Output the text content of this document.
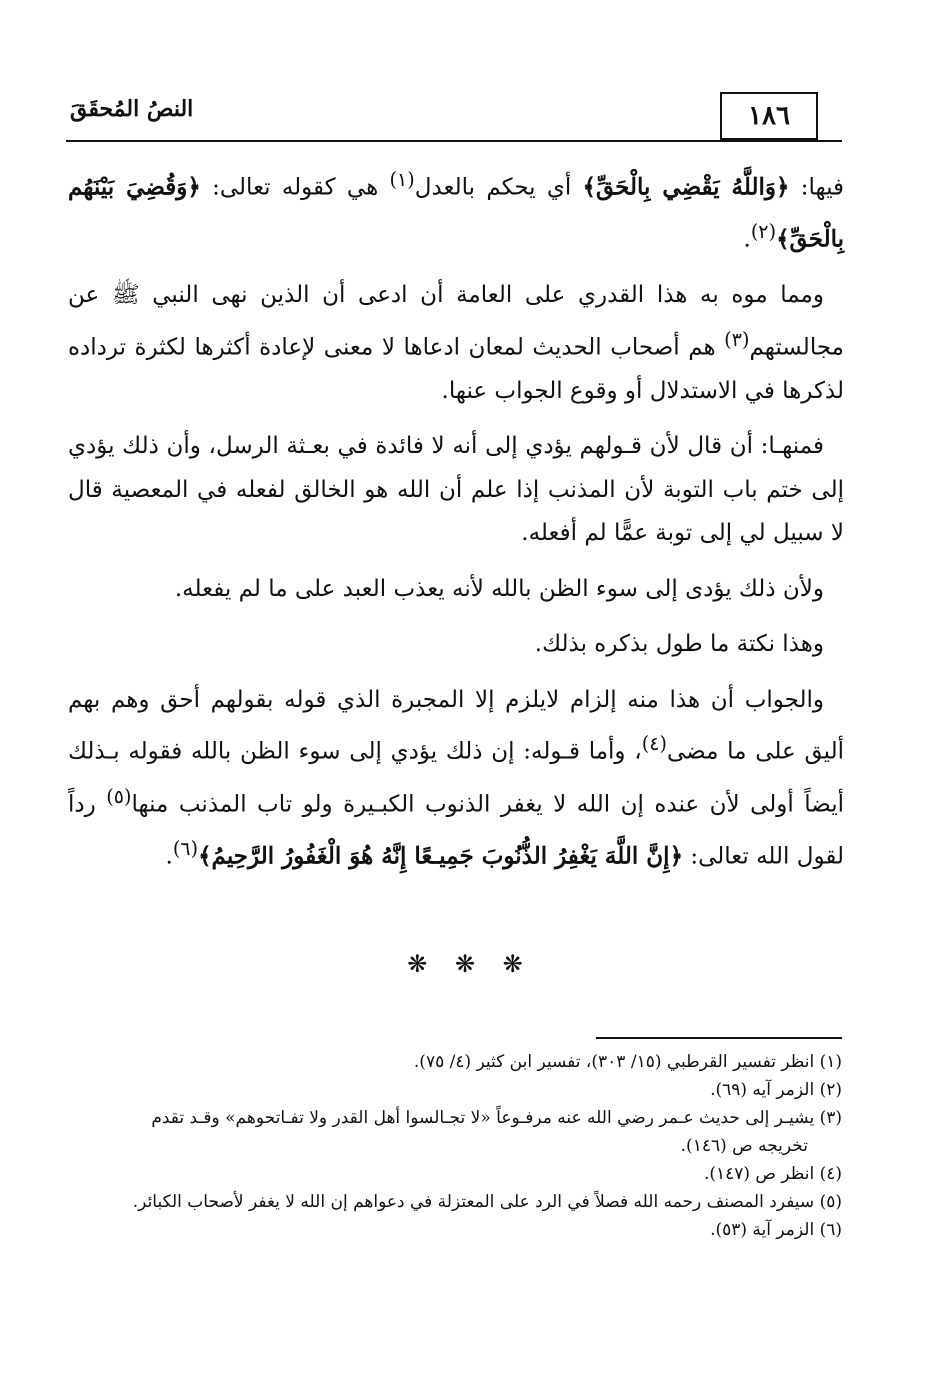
١٨٦
النصُ المُحقَقَ

فيها: ﴿وَاللَّهُ يَقْضِي بِالْحَقِّ﴾ أي يحكم بالعدل$^{(١)}$ هي كقوله تعالى: ﴿وَقُضِيَ بَيْنَهُم بِالْحَقِّ﴾$^{(٢)}$.

ومما موه به هذا القدري على العامة أن ادعى أن الذين نهى النبي ﷺ عن مجالستهم$^{(٣)}$ هم أصحاب الحديث لمعان ادعاها لا معنى لإعادة أكثرها لكثرة ترداده لذكرها في الاستدلال أو وقوع الجواب عنها.

فمنهـا: أن قال لأن قـولهم يؤدي إلى أنه لا فائدة في بعـثة الرسل، وأن ذلك يؤدي إلى ختم باب التوبة لأن المذنب إذا علم أن الله هو الخالق لفعله في المعصية قال لا سبيل لي إلى توبة عمًّا لم أفعله.

ولأن ذلك يؤدى إلى سوء الظن بالله لأنه يعذب العبد على ما لم يفعله.

وهذا نكتة ما طول بذكره بذلك.

والجواب أن هذا منه إلزام لايلزم إلا المجبرة الذي قوله بقولهم أحق وهم بهم أليق على ما مضى$^{(٤)}$، وأما قـوله: إن ذلك يؤدي إلى سوء الظن بالله فقوله بـذلك أيضاً أولى لأن عنده إن الله لا يغفر الذنوب الكبـيرة ولو تاب المذنب منها$^{(٥)}$ رداً لقول الله تعالى: ﴿إِنَّ اللَّهَ يَغْفِرُ الذُّنُوبَ جَمِيـعًا إِنَّهُ هُوَ الْغَفُورُ الرَّحِيمُ﴾$^{(٦)}$.

❋ ❋ ❋

(١) انظر تفسير القرطبي (١٥/ ٣٠٣)، تفسير ابن كثير (٤/ ٧٥).

(٢) الزمر آيه (٦٩).

(٣) يشيـر إلى حديث عـمر رضي الله عنه مرفـوعاً «لا تجـالسوا أهل القدر ولا تفـاتحوهم» وقـد تقدم
تخريجه ص (١٤٦).

(٤) انظر ص (١٤٧).

(٥) سيفرد المصنف رحمه الله فصلاً في الرد على المعتزلة في دعواهم إن الله لا يغفر لأصحاب الكبائر.

(٦) الزمر آية (٥٣).
